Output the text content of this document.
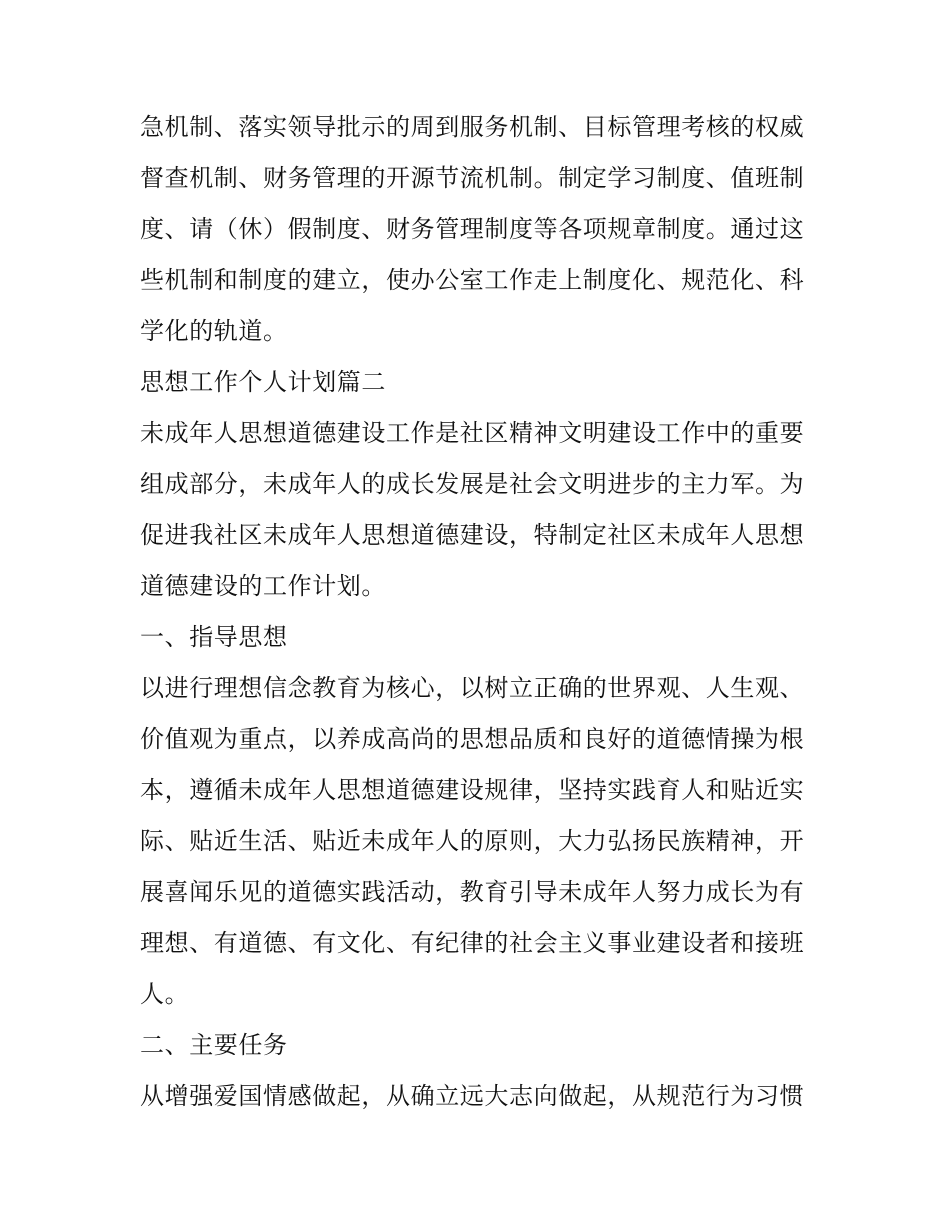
急机制、落实领导批示的周到服务机制、目标管理考核的权威
督查机制、财务管理的开源节流机制。制定学习制度、值班制
度、请（休）假制度、财务管理制度等各项规章制度。通过这
些机制和制度的建立，使办公室工作走上制度化、规范化、科
学化的轨道。
思想工作个人计划篇二
未成年人思想道德建设工作是社区精神文明建设工作中的重要
组成部分，未成年人的成长发展是社会文明进步的主力军。为
促进我社区未成年人思想道德建设，特制定社区未成年人思想
道德建设的工作计划。
一、指导思想
以进行理想信念教育为核心，以树立正确的世界观、人生观、
价值观为重点，以养成高尚的思想品质和良好的道德情操为根
本，遵循未成年人思想道德建设规律，坚持实践育人和贴近实
际、贴近生活、贴近未成年人的原则，大力弘扬民族精神，开
展喜闻乐见的道德实践活动，教育引导未成年人努力成长为有
理想、有道德、有文化、有纪律的社会主义事业建设者和接班
人。
二、主要任务
从增强爱国情感做起，从确立远大志向做起，从规范行为习惯
